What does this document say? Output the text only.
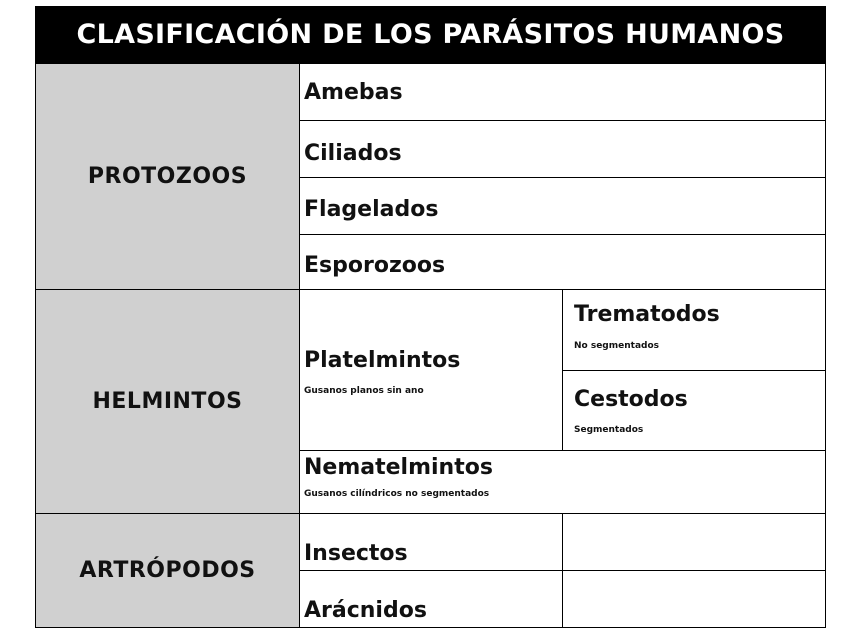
CLASIFICACIÓN DE LOS PARÁSITOS HUMANOS
PROTOZOOS
Amebas
Ciliados
Flagelados
Esporozoos
HELMINTOS
Platelmintos
Gusanos planos sin ano
Trematodos
No segmentados
Cestodos
Segmentados
Nematelmintos
Gusanos cilíndricos no segmentados
ARTRÓPODOS
Insectos
Arácnidos
